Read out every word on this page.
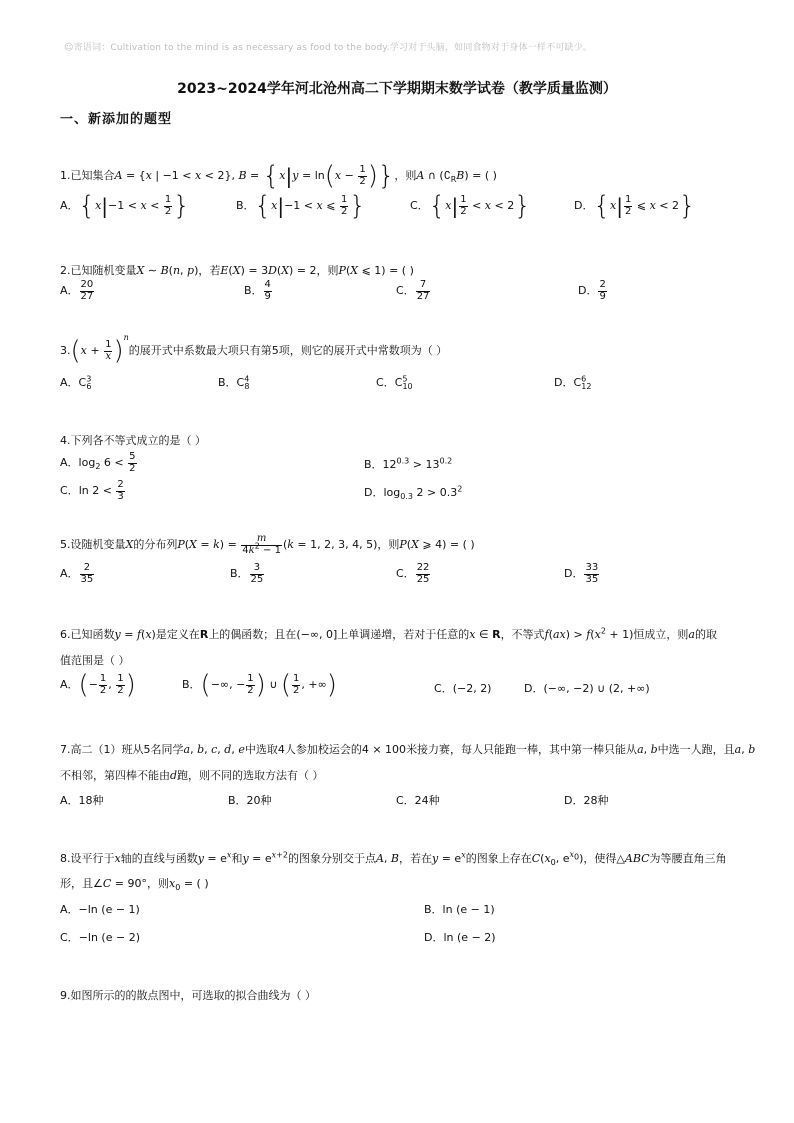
☺寄语词：Cultivation to the mind is as necessary as food to the body.学习对于头脑，如同食物对于身体一样不可缺少。
2023~2024学年河北沧州高二下学期期末数学试卷（教学质量监测）
一、新添加的题型
1.已知集合A = {x | −1 < x < 2}, $B = \{x|y = \ln(x - \frac{1}{2}$ )}，则A ∩ $(∁_RB)$ = ( )
A．{$x|-1 < x < \frac{1}{2}$ }	B．{x|−1 < x ⩽ $\frac{1}{2}$ }	C．$\{x| \frac{1}{2} < x < 2\}$	D．{$x| \frac{1}{2}$ ⩽ x < 2}
2.已知随机变量X ∼ B(n, p)，若E(X) = 3D(X) = 2，则P(X ⩽ 1) = ( )
A． $\frac{20}{27}$	B． $\frac{4}{9}$	C． $\frac{7}{27}$	D． $\frac{2}{9}$
$3.(x + \frac{1}{x} )^n$的展开式中系数最大项只有第5项，则它的展开式中常数项为（ ）
A．$C^3_6$	B．$C^4_8$	C．$C^5_{10}$	D．$C^6_{12}$
4.下列各不等式成立的是（ ）
A．$\log_2 6 < \frac{5}{2}$	B．$12^{0.3} > 13^{0.2}$
C．$\ln 2 < \frac{2}{3}$	D．$\log_{0.3} 2 > 0.3^2$
5.设随机变量X的分布列$P(X = k) = \frac{m}{4k^2 - 1} (k = 1$, 2, 3, 4, 5)，则P(X ⩾ 4) = ( )
A． $\frac{2}{35}$	B． $\frac{3}{25}$	C． $\frac{22}{25}$	D． $\frac{33}{35}$
6.已知函数y = f(x)是定义在R上的偶函数；且在(−∞, 0]上单调递增，若对于任意的x ∈ R，不等式$f(ax) > f(x^2 + 1)$恒成立，则a的取
值范围是（ ）
A．(− $\frac{1}{2}$ , $\frac{1}{2}$ )	B．(−∞, − $\frac{1}{2}$ ) ∪ ( $\frac{1}{2}$ , +∞)	C．(−2, 2)	D．(−∞, −2) ∪ (2, +∞)
7.高二（1）班从5名同学a, b, c, d, e中选取4人参加校运会的4 × 100米接力赛，每人只能跑一棒，其中第一棒只能从a, b中选一人跑，且a, b
不相邻，第四棒不能由d跑，则不同的选取方法有（ ）
A．18种	B．20种	C．24种	D．28种
8.设平行于x轴的直线与函数$y = e^x$和$y = e^{x+2}$的图象分别交于点A, B，若在$y = e^x$的图象上存在$C(x_0$, $e^{x_0}$)，使得△ABC为等腰直角三角
形，且∠C = 90°，则$x_0$ = ( )
A．−ln (e − 1)	B．ln (e − 1)
C．−ln (e − 2)	D．ln (e − 2)
9.如图所示的的散点图中，可选取的拟合曲线为（ ）
